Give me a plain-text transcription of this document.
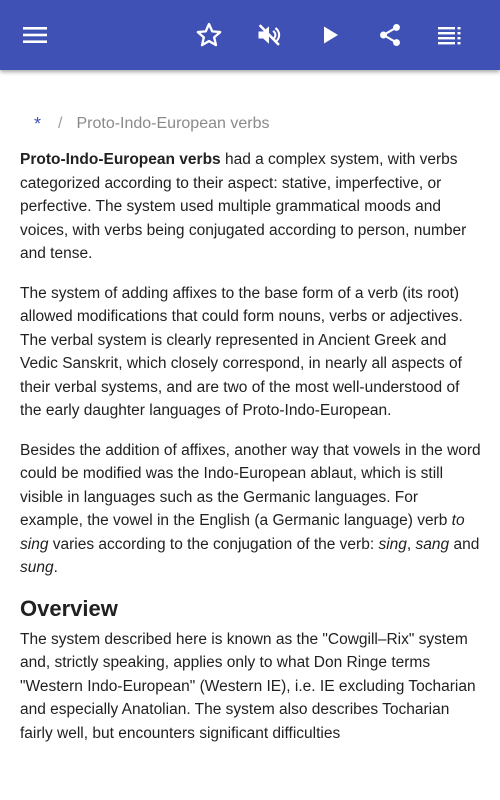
* / Proto-Indo-European verbs

Proto-Indo-European verbs had a complex system, with verbs categorized according to their aspect: stative, imperfective, or perfective. The system used multiple grammatical moods and voices, with verbs being conjugated according to person, number and tense.

The system of adding affixes to the base form of a verb (its root) allowed modifications that could form nouns, verbs or adjectives. The verbal system is clearly represented in Ancient Greek and Vedic Sanskrit, which closely correspond, in nearly all aspects of their verbal systems, and are two of the most well-understood of the early daughter languages of Proto-Indo-European.

Besides the addition of affixes, another way that vowels in the word could be modified was the Indo-European ablaut, which is still visible in languages such as the Germanic languages. For example, the vowel in the English (a Germanic language) verb to sing varies according to the conjugation of the verb: sing, sang and sung.

Overview

The system described here is known as the "Cowgill–Rix" system and, strictly speaking, applies only to what Don Ringe terms "Western Indo-European" (Western IE), i.e. IE excluding Tocharian and especially Anatolian. The system also describes Tocharian fairly well, but encounters significant difficulties
